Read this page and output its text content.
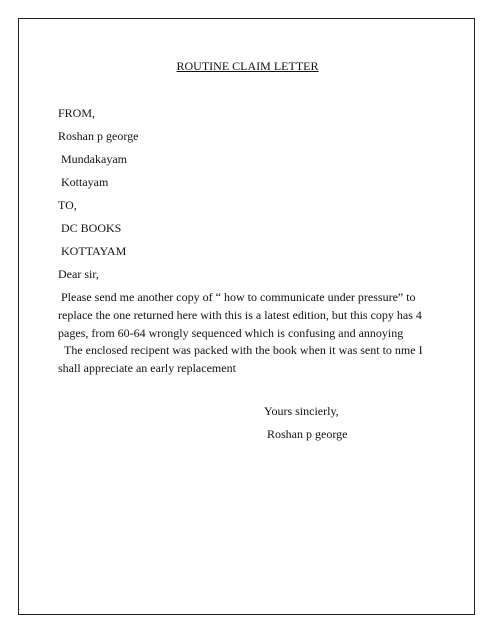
ROUTINE CLAIM LETTER
FROM,
Roshan p george
Mundakayam
Kottayam
TO,
DC BOOKS
KOTTAYAM
Dear sir,
Please send me another copy of “ how to communicate under pressure” to replace the one returned here with this is a latest edition, but this copy has 4 pages, from 60-64 wrongly sequenced which is confusing and annoying
The enclosed recipent was packed with the book when it was sent to nme I shall appreciate an early replacement
Yours sincierly,
Roshan p george
